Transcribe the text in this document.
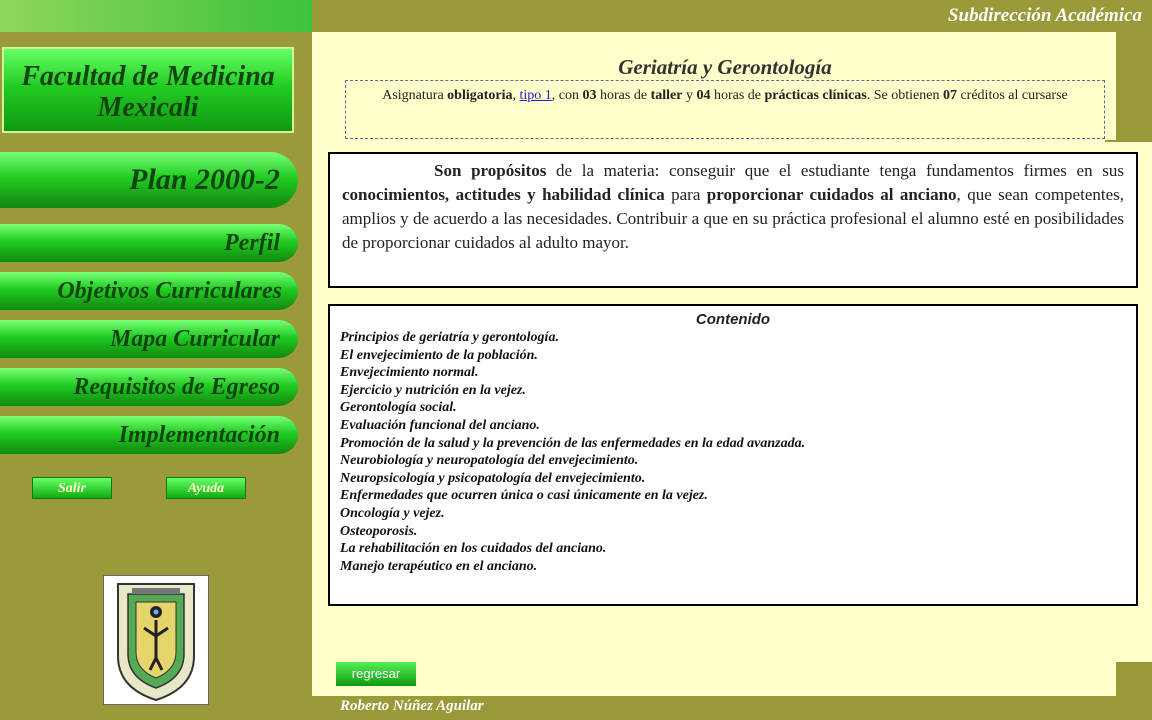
Subdirección Académica
Facultad de Medicina Mexicali
Plan 2000-2
Perfil
Objetivos Curriculares
Mapa Curricular
Requisitos de Egreso
Implementación
Salir	Ayuda
Geriatría y Gerontología
Asignatura obligatoria, tipo 1, con 03 horas de taller y 04 horas de prácticas clínicas. Se obtienen 07 créditos al cursarse
Son propósitos de la materia: conseguir que el estudiante tenga fundamentos firmes en sus conocimientos, actitudes y habilidad clínica para proporcionar cuidados al anciano, que sean competentes, amplios y de acuerdo a las necesidades. Contribuir a que en su práctica profesional el alumno esté en posibilidades de proporcionar cuidados al adulto mayor.
Contenido
Principios de geriatría y gerontología.
El envejecimiento de la población.
Envejecimiento normal.
Ejercicio y nutrición en la vejez.
Gerontología social.
Evaluación funcional del anciano.
Promoción de la salud y la prevención de las enfermedades en la edad avanzada.
Neurobiología y neuropatología del envejecimiento.
Neuropsicología y psicopatología del envejecimiento.
Enfermedades que ocurren única o casi únicamente en la vejez.
Oncología y vejez.
Osteoporosis.
La rehabilitación en los cuidados del anciano.
Manejo terapéutico en el anciano.
regresar
Roberto Núñez Aguilar
